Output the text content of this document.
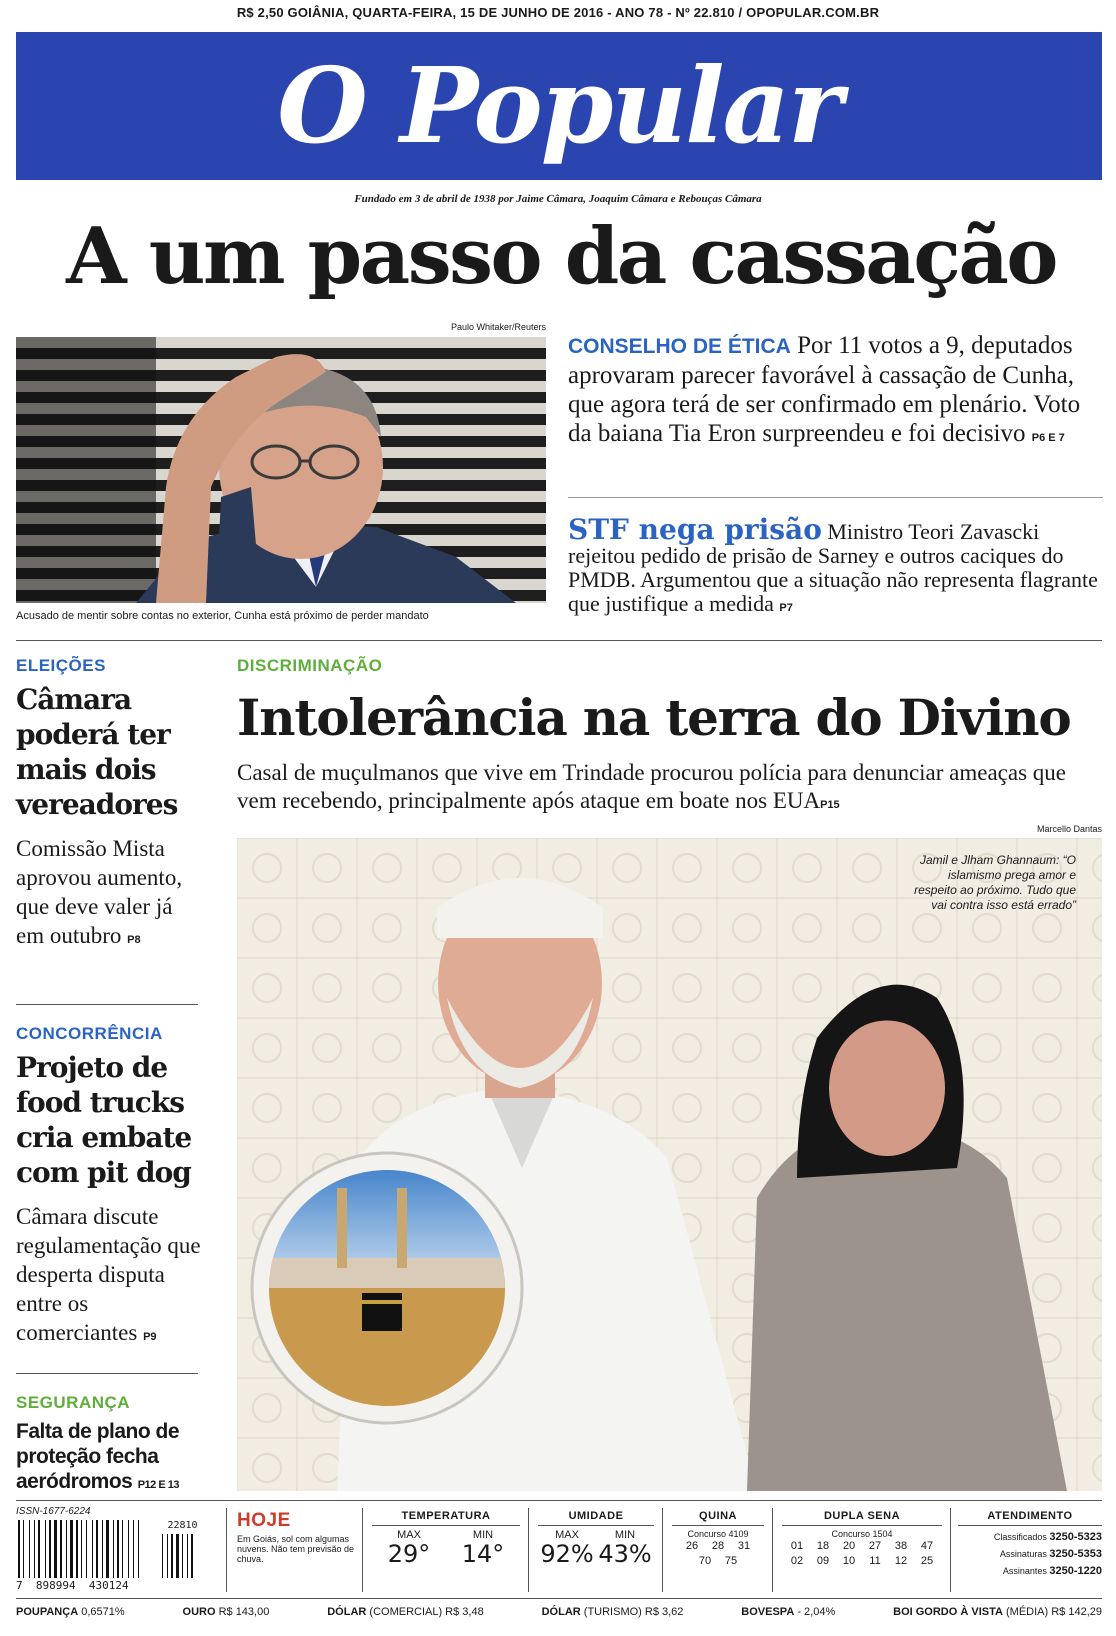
R$ 2,50 GOIÂNIA, QUARTA-FEIRA, 15 DE JUNHO DE 2016 - ANO 78 - Nº 22.810 / OPOPULAR.COM.BR
O Popular
Fundado em 3 de abril de 1938 por Jaime Câmara, Joaquim Câmara e Rebouças Câmara
A um passo da cassação
Paulo Whitaker/Reuters
Acusado de mentir sobre contas no exterior, Cunha está próximo de perder mandato
CONSELHO DE ÉTICA Por 11 votos a 9, deputados aprovaram parecer favorável à cassação de Cunha, que agora terá de ser confirmado em plenário. Voto da baiana Tia Eron surpreendeu e foi decisivo P6 E 7
STF nega prisão Ministro Teori Zavascki rejeitou pedido de prisão de Sarney e outros caciques do PMDB. Argumentou que a situação não representa flagrante que justifique a medida P7
ELEIÇÕES
Câmara poderá ter mais dois vereadores
Comissão Mista aprovou aumento, que deve valer já em outubro P8
CONCORRÊNCIA
Projeto de food trucks cria embate com pit dog
Câmara discute regulamentação que desperta disputa entre os comerciantes P9
SEGURANÇA
Falta de plano de proteção fecha aeródromos P12 E 13
DISCRIMINAÇÃO
Intolerância na terra do Divino
Casal de muçulmanos que vive em Trindade procurou polícia para denunciar ameaças que vem recebendo, principalmente após ataque em boate nos EUAP15
Marcello Dantas
Jamil e Jlham Ghannaum: “O islamismo prega amor e respeito ao próximo. Tudo que vai contra isso está errado”
ISSN-1677-6224
7  898994  430124
22810	HOJE
Em Goiás, sol com algumas nuvens. Não tem previsão de chuva.
TEMPERATURA
MAX
29°
MIN
14°
UMIDADE
MAX
92%
MIN
43%
QUINA
Concurso 4109
26 28 31
70 75
DUPLA SENA
Concurso 1504
01 18 20 27 38 47
02 09 10 11 12 25
ATENDIMENTO
Classificados 3250-5323
Assinaturas 3250-5353
Assinantes 3250-1220
POUPANÇA 0,6571%	OURO R$ 143,00	DÓLAR (COMERCIAL) R$ 3,48	DÓLAR (TURISMO) R$ 3,62	BOVESPA - 2,04%	BOI GORDO À VISTA (MÉDIA) R$ 142,29
